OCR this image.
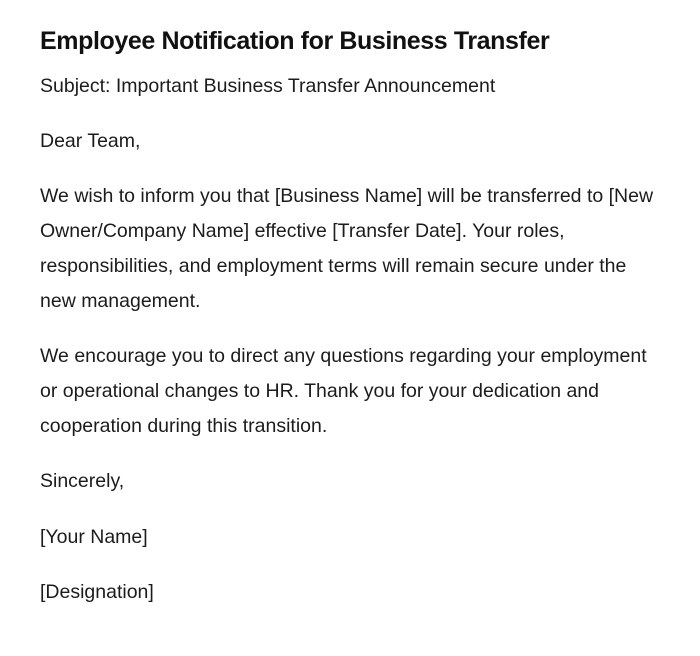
Employee Notification for Business Transfer

Subject: Important Business Transfer Announcement

Dear Team,

We wish to inform you that [Business Name] will be transferred to [New Owner/Company Name] effective [Transfer Date]. Your roles, responsibilities, and employment terms will remain secure under the new management.

We encourage you to direct any questions regarding your employment or operational changes to HR. Thank you for your dedication and cooperation during this transition.

Sincerely,

[Your Name]

[Designation]
